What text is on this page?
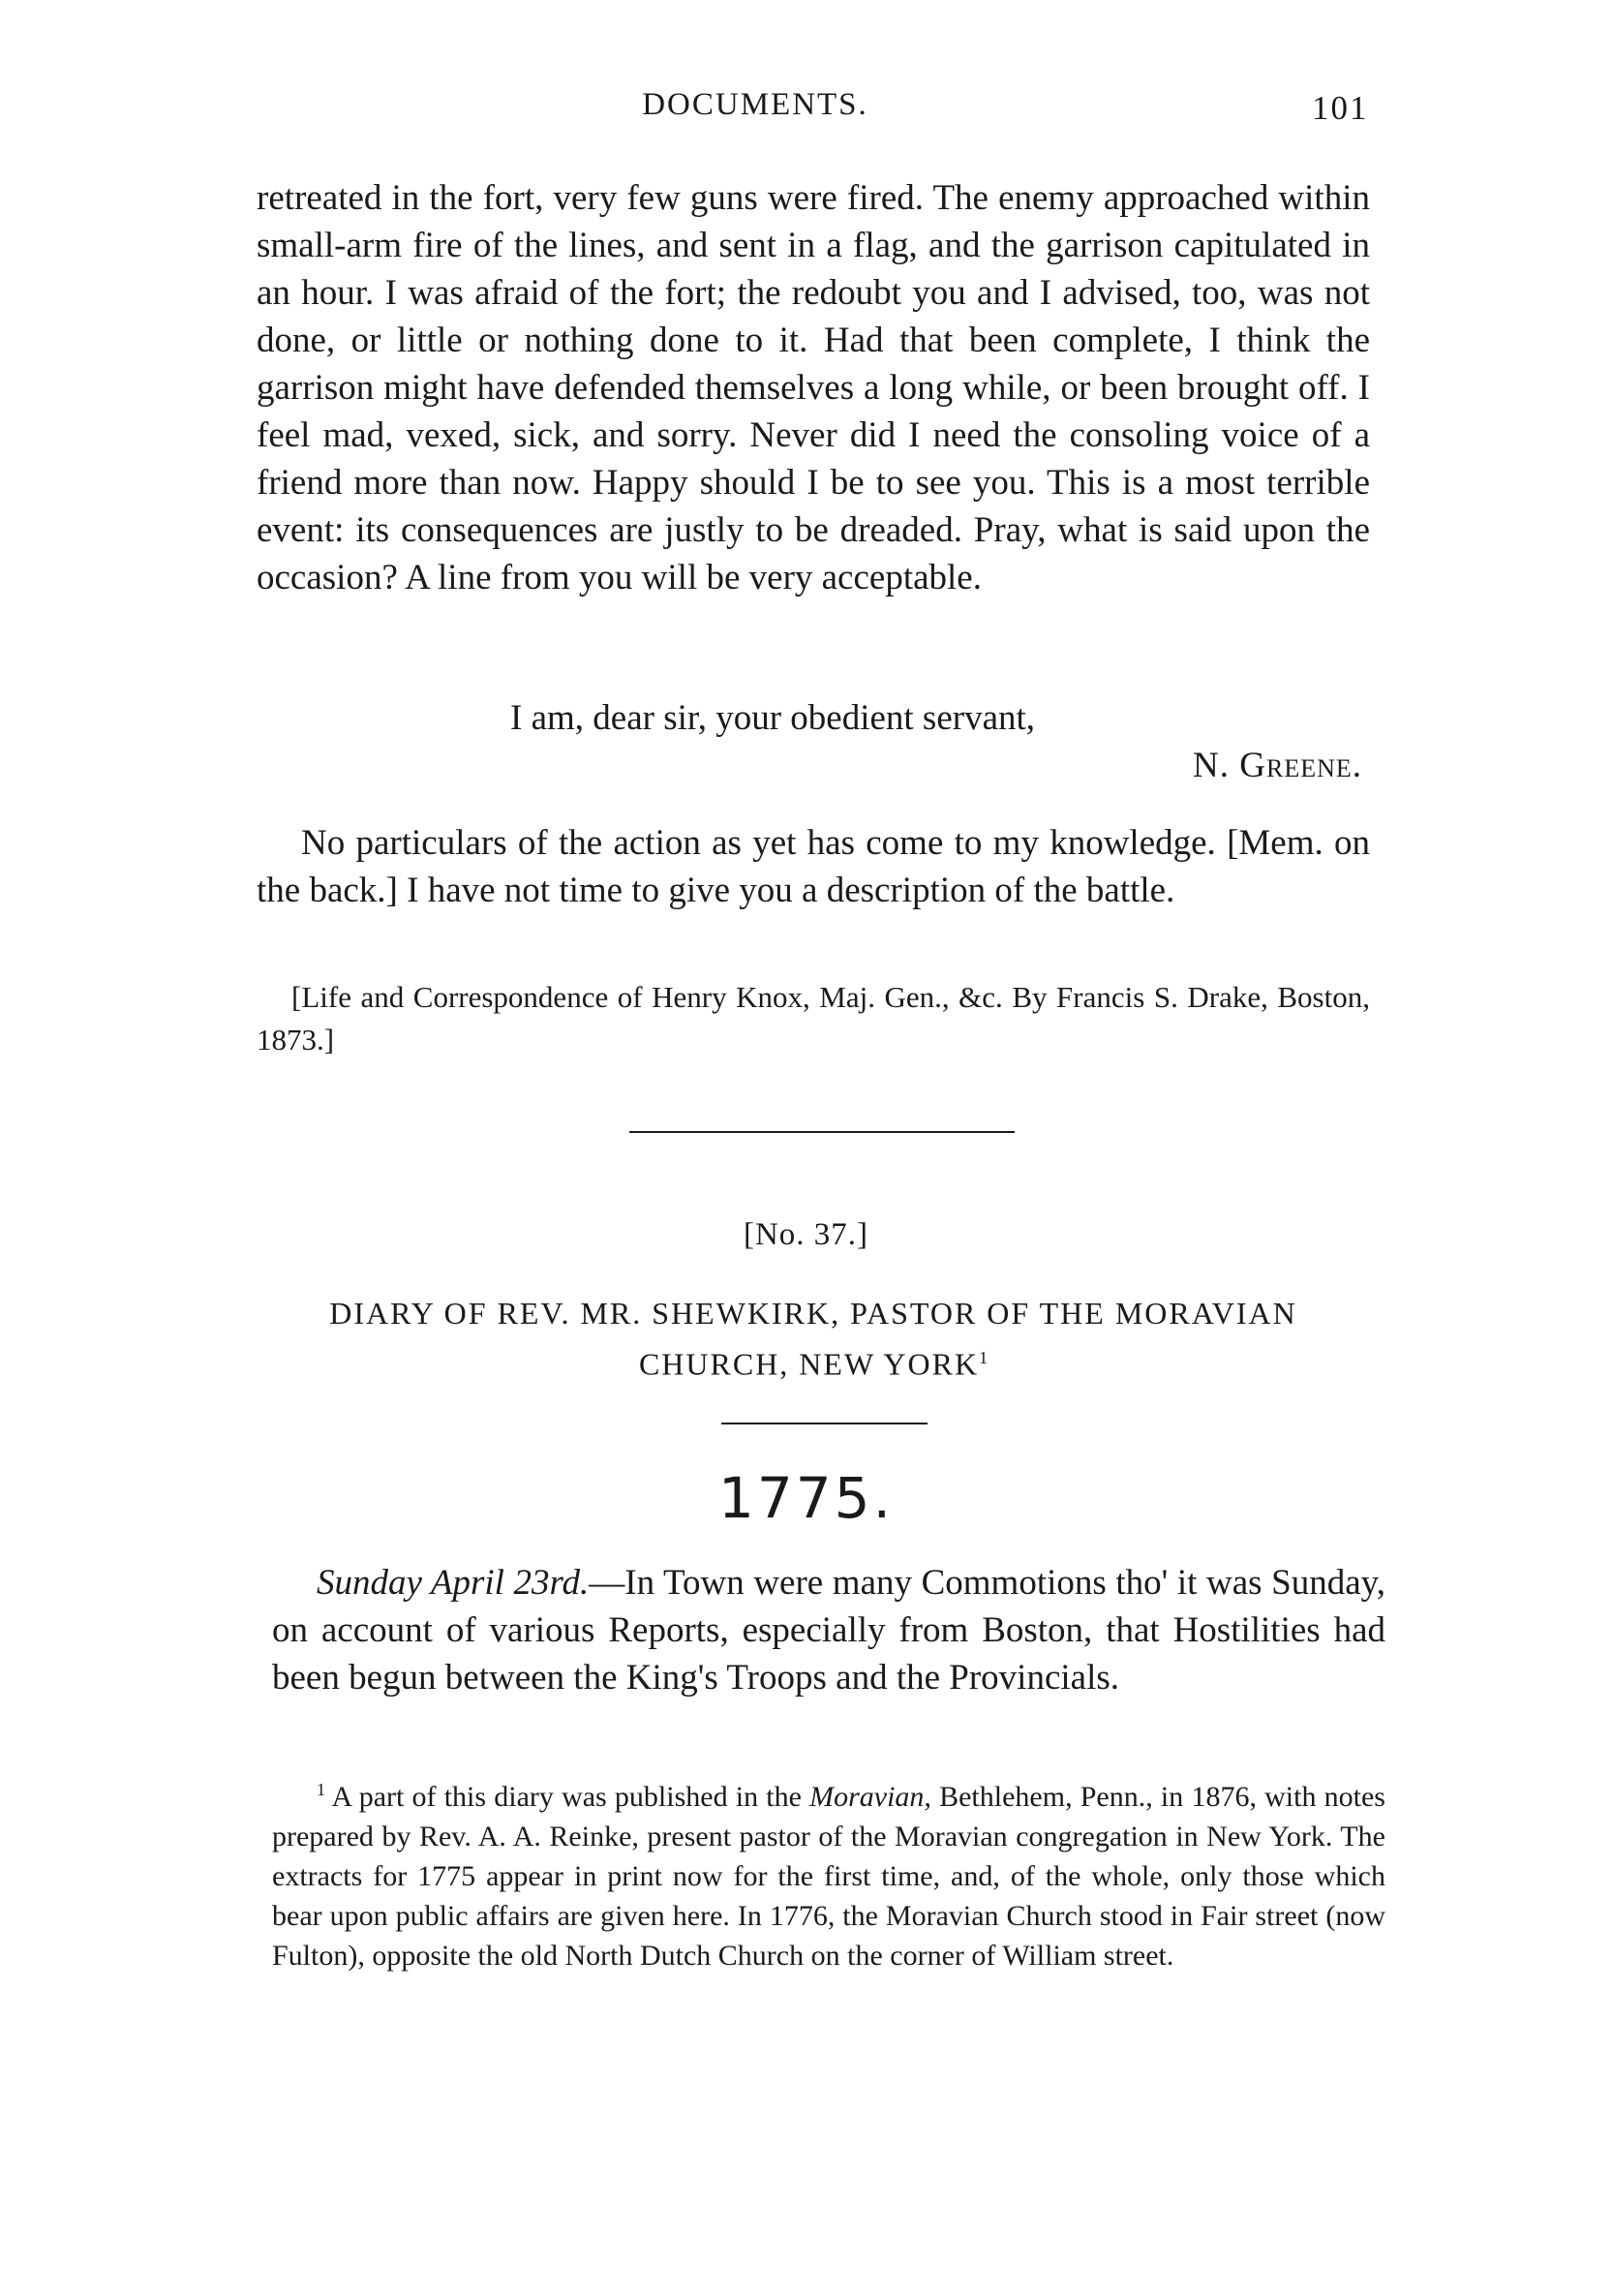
DOCUMENTS.	101

retreated in the fort, very few guns were fired. The enemy approached within small-arm fire of the lines, and sent in a flag, and the garrison capitulated in an hour. I was afraid of the fort; the redoubt you and I advised, too, was not done, or little or nothing done to it. Had that been complete, I think the garrison might have defended themselves a long while, or been brought off. I feel mad, vexed, sick, and sorry. Never did I need the consoling voice of a friend more than now. Happy should I be to see you. This is a most terrible event: its consequences are justly to be dreaded. Pray, what is said upon the occasion? A line from you will be very acceptable.

I am, dear sir, your obedient servant,
N. Greene.

No particulars of the action as yet has come to my knowledge. [Mem. on the back.] I have not time to give you a description of the battle.

[Life and Correspondence of Henry Knox, Maj. Gen., &c. By Francis S. Drake, Boston, 1873.]

[No. 37.]

DIARY OF REV. MR. SHEWKIRK, PASTOR OF THE MORAVIAN CHURCH, NEW YORK$^1$

1775.

Sunday April 23rd.—In Town were many Commotions tho' it was Sunday, on account of various Reports, especially from Boston, that Hostilities had been begun between the King's Troops and the Provincials.

$^1$ A part of this diary was published in the Moravian, Bethlehem, Penn., in 1876, with notes prepared by Rev. A. A. Reinke, present pastor of the Moravian congregation in New York. The extracts for 1775 appear in print now for the first time, and, of the whole, only those which bear upon public affairs are given here. In 1776, the Moravian Church stood in Fair street (now Fulton), opposite the old North Dutch Church on the corner of William street.
